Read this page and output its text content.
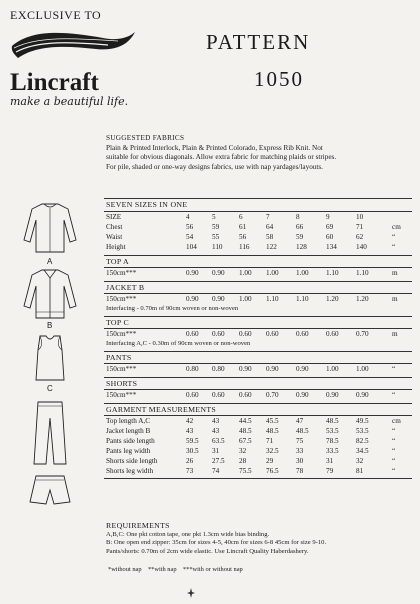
EXCLUSIVE TO
Lincraft
make a beautiful life.
PATTERN
1050
SUGGESTED FABRICS
Plain & Printed Interlock, Plain & Printed Colorado, Express Rib Knit. Not
suitable for obvious diagonals. Allow extra fabric for matching plaids or stripes.
For pile, shaded or one-way designs fabrics, use with nap yardages/layouts.
A
B
C
SEVEN SIZES IN ONE
SIZE	4	5	6	7	8	9	10
Chest	56	59	61	64	66	69	71	cm
Waist	54	55	56	58	59	60	62	“
Height	104 110 116 122	128	134	140	“
TOP A
150cm***	0.90 0.90 1.00 1.00 1.00 1.10 1.10	m
JACKET B
150cm***	0.90 0.90 1.00 1.10 1.10 1.20 1.20	m
Interfacing - 0.70m of 90cm woven or non-woven
TOP C
150cm***	0.60 0.60 0.60 0.60 0.60 0.60 0.70	m
Interfacing A,C - 0.30m of 90cm woven or non-woven
PANTS
150cm***	0.80 0.80 0.90 0.90 0.90 1.00 1.00	“
SHORTS
150cm***	0.60 0.60 0.60 0.70 0.90 0.90 0.90	“
GARMENT MEASUREMENTS
Top length A,C	42	43	44.5 45.5 47	48.5 49.5	cm
Jacket length B	43	43	48.5 48.5 48.5 53.5 53.5	“
Pants side length	59.5 63.5 67.5 71	75	78.5 82.5	“
Pants leg width	30.5 31	32	32.5 33	33.5 34.5	“
Shorts side length	26	27.5 28	29	30	31	32	“
Shorts leg width	73	74	75.5 76.5 78	79	81	“
REQUIREMENTS
A,B,C: One pkt cotton tape, one pkt 1.3cm wide bias binding.
B: One open end zipper: 35cm for sizes 4-5, 40cm for sizes 6-8 45cm for size 9-10.
Pants/shorts: 0.70m of 2cm wide elastic. Use Lincraft Quality Haberdashery.
*without nap **with nap ***with or without nap
